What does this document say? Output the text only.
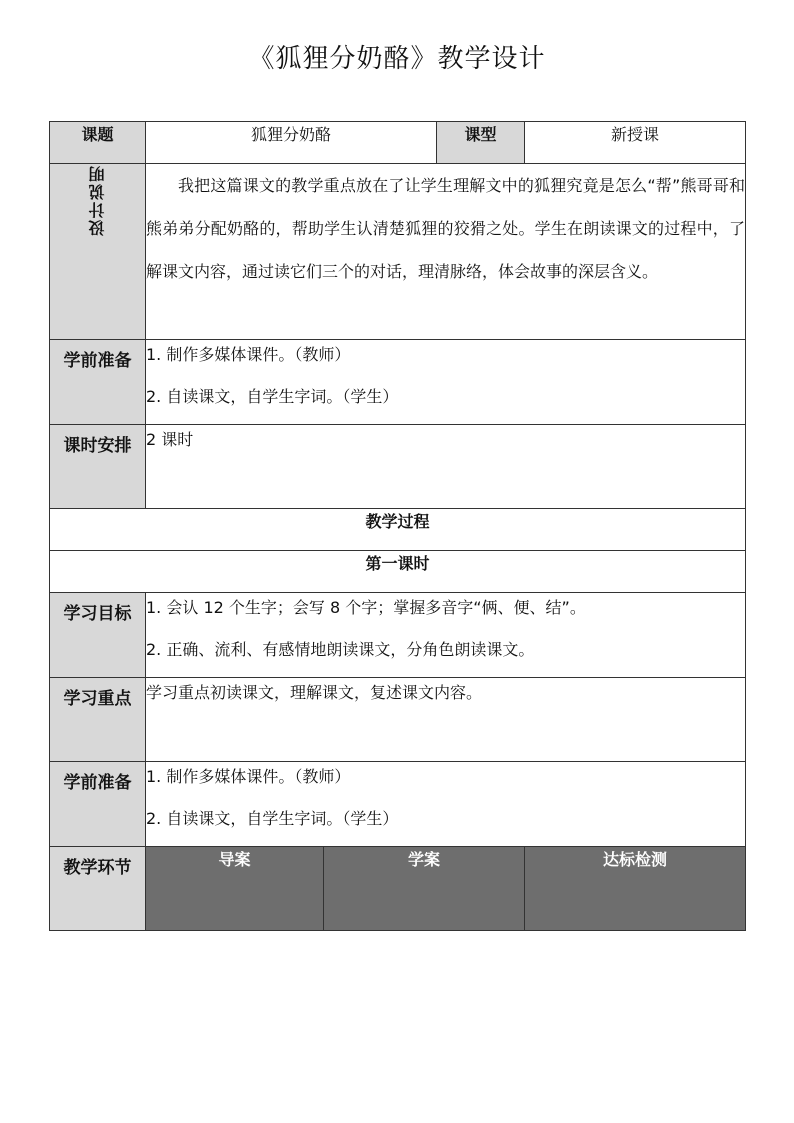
《狐狸分奶酪》教学设计
课题	狐狸分奶酪		课型	新授课
设计说明	我把这篇课文的教学重点放在了让学生理解文中的狐狸究竟是怎么“帮”熊哥哥和熊弟弟分配奶酪的，帮助学生认清楚狐狸的狡猾之处。学生在朗读课文的过程中，了解课文内容，通过读它们三个的对话，理清脉络，体会故事的深层含义。			
学前准备	1. 制作多媒体课件。（教师）
2. 自读课文，自学生字词。（学生）			

课时安排	2 课时			

教学过程				
第一课时				
学习目标	1. 会认 12 个生字；会写 8 个字；掌握多音字“俩、便、结”。
2. 正确、流利、有感情地朗读课文，分角色朗读课文。			

学习重点	学习重点初读课文，理解课文，复述课文内容。			

学前准备	1. 制作多媒体课件。（教师）
2. 自读课文，自学生字词。（学生）			

教学环节	导案	学案		达标检测
